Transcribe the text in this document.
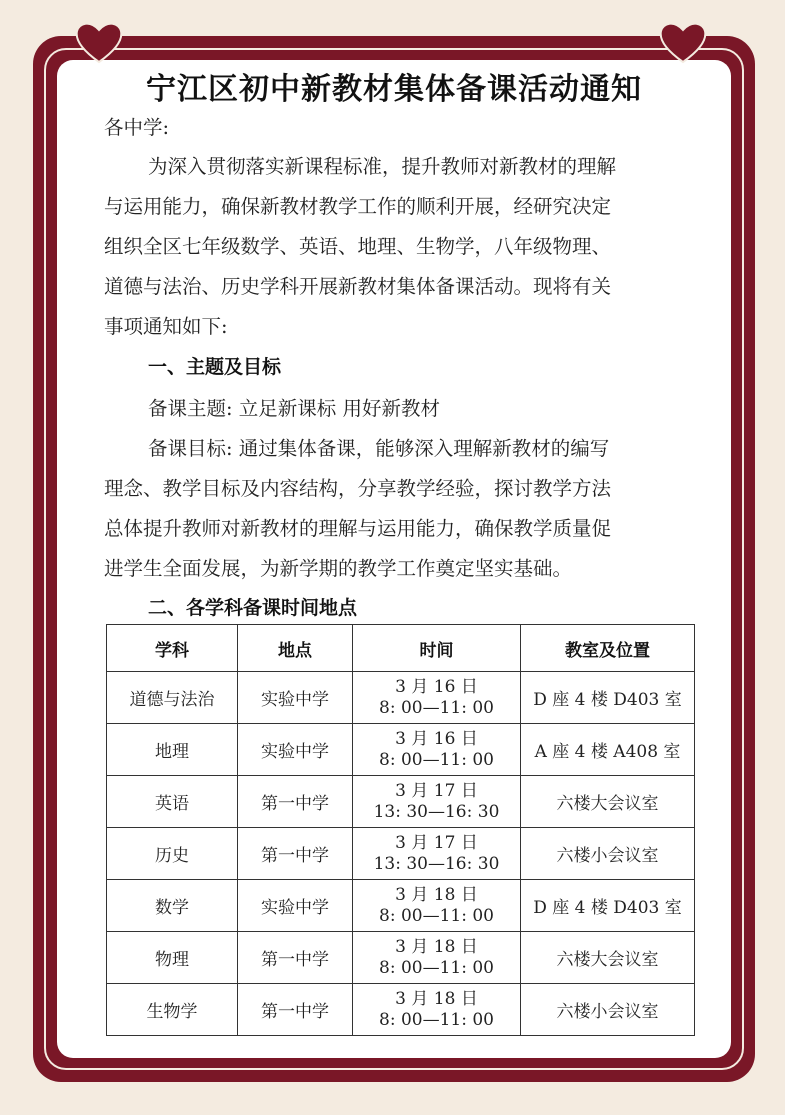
宁江区初中新教材集体备课活动通知
各中学:
为深入贯彻落实新课程标准，提升教师对新教材的理解
与运用能力，确保新教材教学工作的顺利开展，经研究决定
组织全区七年级数学、英语、地理、生物学，八年级物理、
道德与法治、历史学科开展新教材集体备课活动。现将有关
事项通知如下:
一、主题及目标
备课主题: 立足新课标 用好新教材
备课目标: 通过集体备课，能够深入理解新教材的编写
理念、教学目标及内容结构，分享教学经验，探讨教学方法
总体提升教师对新教材的理解与运用能力，确保教学质量促
进学生全面发展，为新学期的教学工作奠定坚实基础。
二、各学科备课时间地点
学科	地点	时间	教室及位置
道德与法治	实验中学	3 月 16 日
8: 00—11: 00	D 座 4 楼 D403 室
地理	实验中学	3 月 16 日
8: 00—11: 00	A 座 4 楼 A408 室
英语	第一中学	3 月 17 日
13: 30—16: 30	六楼大会议室
历史	第一中学	3 月 17 日
13: 30—16: 30	六楼小会议室
数学	实验中学	3 月 18 日
8: 00—11: 00	D 座 4 楼 D403 室
物理	第一中学	3 月 18 日
8: 00—11: 00	六楼大会议室
生物学	第一中学	3 月 18 日
8: 00—11: 00	六楼小会议室
